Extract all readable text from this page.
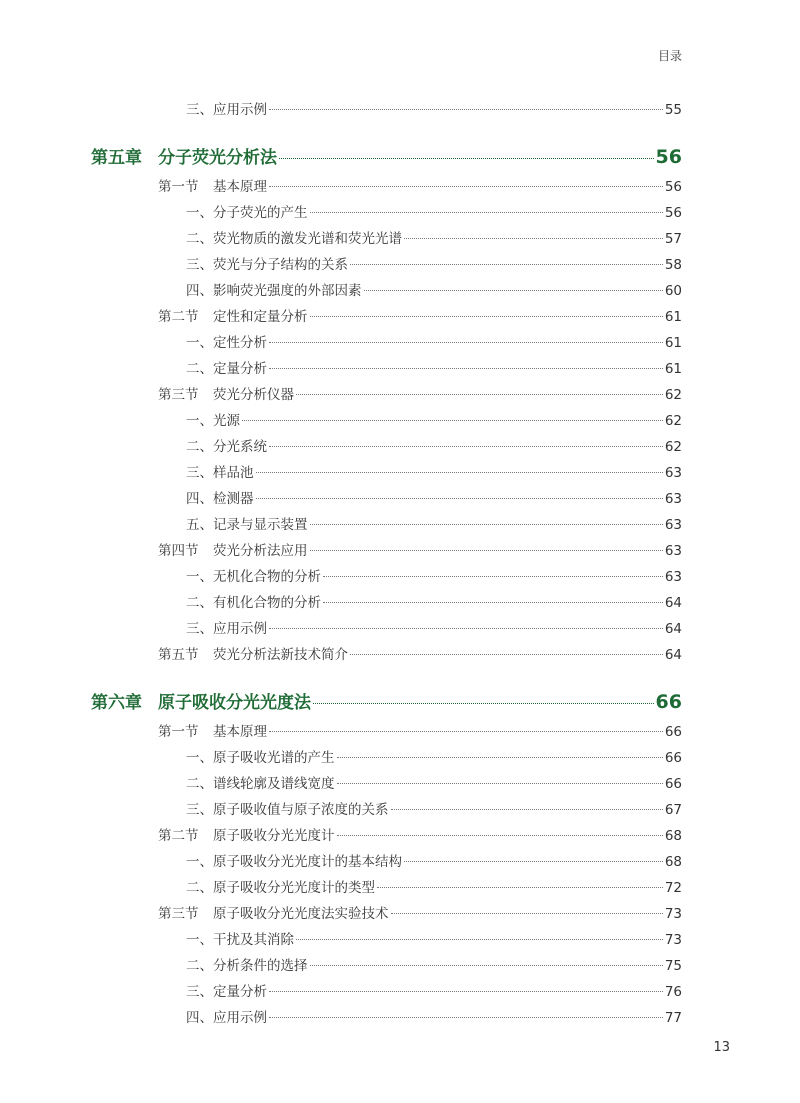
目录
三、应用示例	55
第五章 分子荧光分析法	56
第一节	基本原理	56
一、分子荧光的产生	56
二、荧光物质的激发光谱和荧光光谱	57
三、荧光与分子结构的关系	58
四、影响荧光强度的外部因素	60
第二节	定性和定量分析	61
一、定性分析	61
二、定量分析	61
第三节	荧光分析仪器	62
一、光源	62
二、分光系统	62
三、样品池	63
四、检测器	63
五、记录与显示装置	63
第四节	荧光分析法应用	63
一、无机化合物的分析	63
二、有机化合物的分析	64
三、应用示例	64
第五节	荧光分析法新技术简介	64
第六章 原子吸收分光光度法	66
第一节	基本原理	66
一、原子吸收光谱的产生	66
二、谱线轮廓及谱线宽度	66
三、原子吸收值与原子浓度的关系	67
第二节	原子吸收分光光度计	68
一、原子吸收分光光度计的基本结构	68
二、原子吸收分光光度计的类型	72
第三节	原子吸收分光光度法实验技术	73
一、干扰及其消除	73
二、分析条件的选择	75
三、定量分析	76
四、应用示例	77
13
